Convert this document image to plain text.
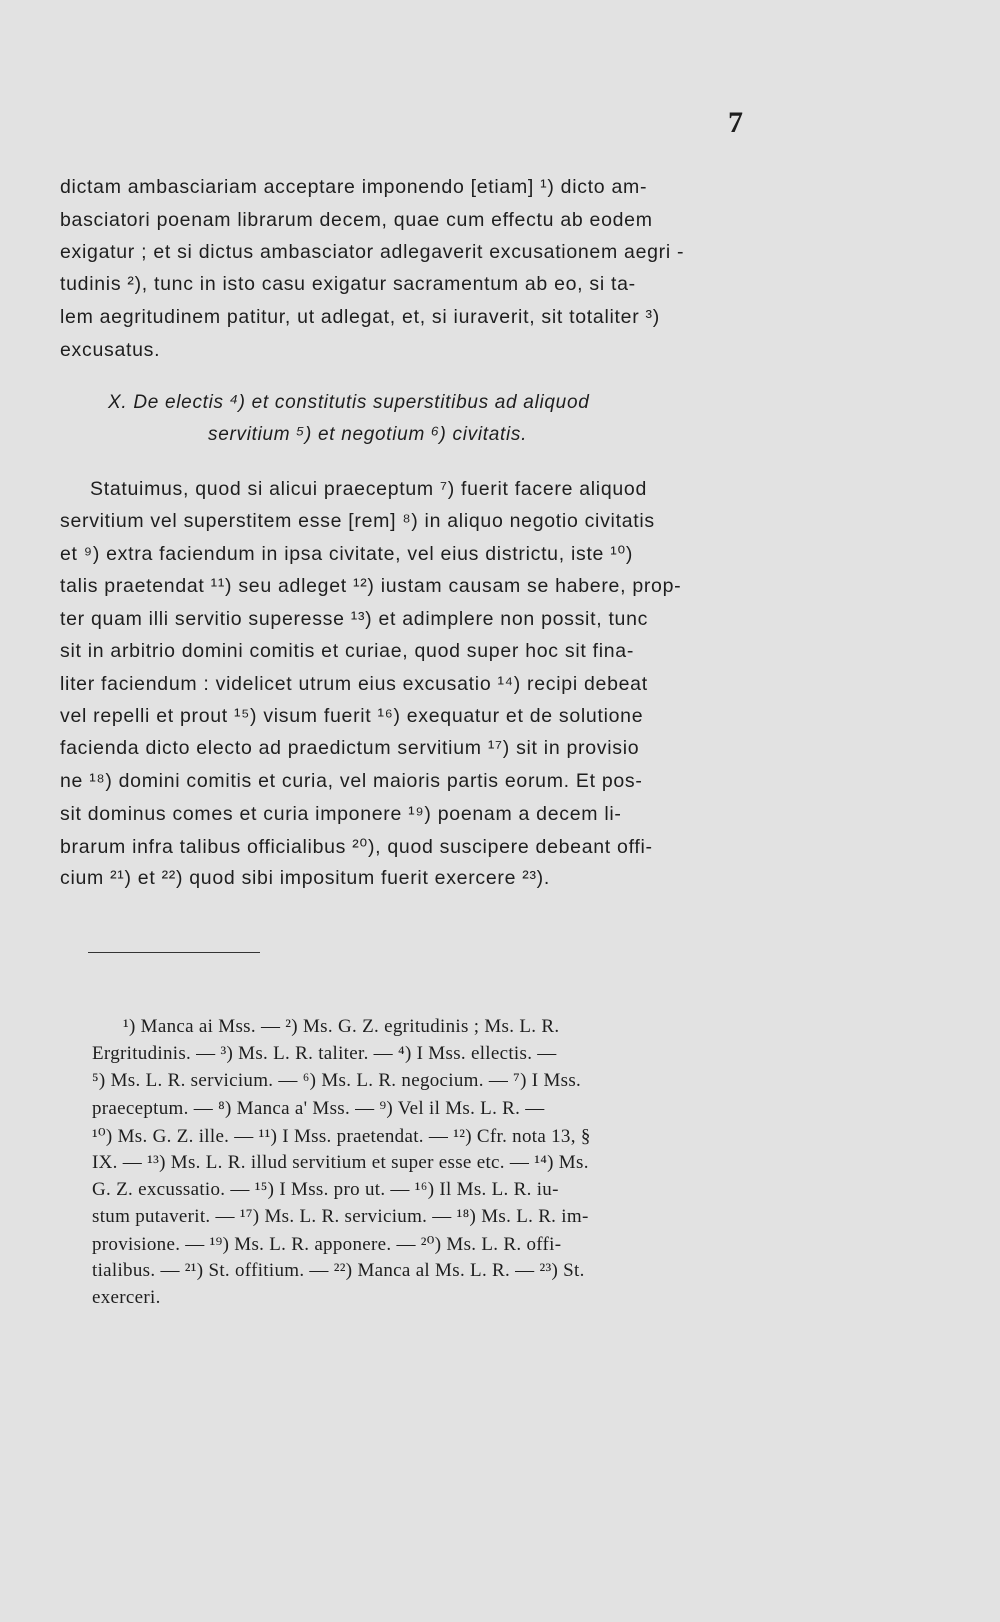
7

dictam ambasciariam acceptare imponendo [etiam] ¹) dicto am-

basciatori poenam librarum decem, quae cum effectu ab eodem

exigatur ; et si dictus ambasciator adlegaverit excusationem aegri -

tudinis ²), tunc in isto casu exigatur sacramentum ab eo, si ta-

lem aegritudinem patitur, ut adlegat, et, si iuraverit, sit totaliter ³)

excusatus.

X. De electis ⁴) et constitutis superstitibus ad aliquod

servitium ⁵) et negotium ⁶) civitatis.

Statuimus, quod si alicui praeceptum ⁷) fuerit facere aliquod

servitium vel superstitem esse [rem] ⁸) in aliquo negotio civitatis

et ⁹) extra faciendum in ipsa civitate, vel eius districtu, iste ¹⁰)

talis praetendat ¹¹) seu adleget ¹²) iustam causam se habere, prop-

ter quam illi servitio superesse ¹³) et adimplere non possit, tunc

sit in arbitrio domini comitis et curiae, quod super hoc sit fina-

liter faciendum : videlicet utrum eius excusatio ¹⁴) recipi debeat

vel repelli et prout ¹⁵) visum fuerit ¹⁶) exequatur et de solutione

facienda dicto electo ad praedictum servitium ¹⁷) sit in provisio

ne ¹⁸) domini comitis et curia, vel maioris partis eorum. Et pos-

sit dominus comes et curia imponere ¹⁹) poenam a decem li-

brarum infra talibus officialibus ²⁰), quod suscipere debeant offi-

cium ²¹) et ²²) quod sibi impositum fuerit exercere ²³).

¹) Manca ai Mss. — ²) Ms. G. Z. egritudinis ; Ms. L. R.

Ergritudinis. — ³) Ms. L. R. taliter. — ⁴) I Mss. ellectis. —

⁵) Ms. L. R. servicium. — ⁶) Ms. L. R. negocium. — ⁷) I Mss.

praeceptum. — ⁸) Manca a' Mss. — ⁹) Vel il Ms. L. R. —

¹⁰) Ms. G. Z. ille. — ¹¹) I Mss. praetendat. — ¹²) Cfr. nota 13, §

IX. — ¹³) Ms. L. R. illud servitium et super esse etc. — ¹⁴) Ms.

G. Z. excussatio. — ¹⁵) I Mss. pro ut. — ¹⁶) Il Ms. L. R. iu-

stum putaverit. — ¹⁷) Ms. L. R. servicium. — ¹⁸) Ms. L. R. im-

provisione. — ¹⁹) Ms. L. R. apponere. — ²⁰) Ms. L. R. offi-

tialibus. — ²¹) St. offitium. — ²²) Manca al Ms. L. R. — ²³) St.

exerceri.
